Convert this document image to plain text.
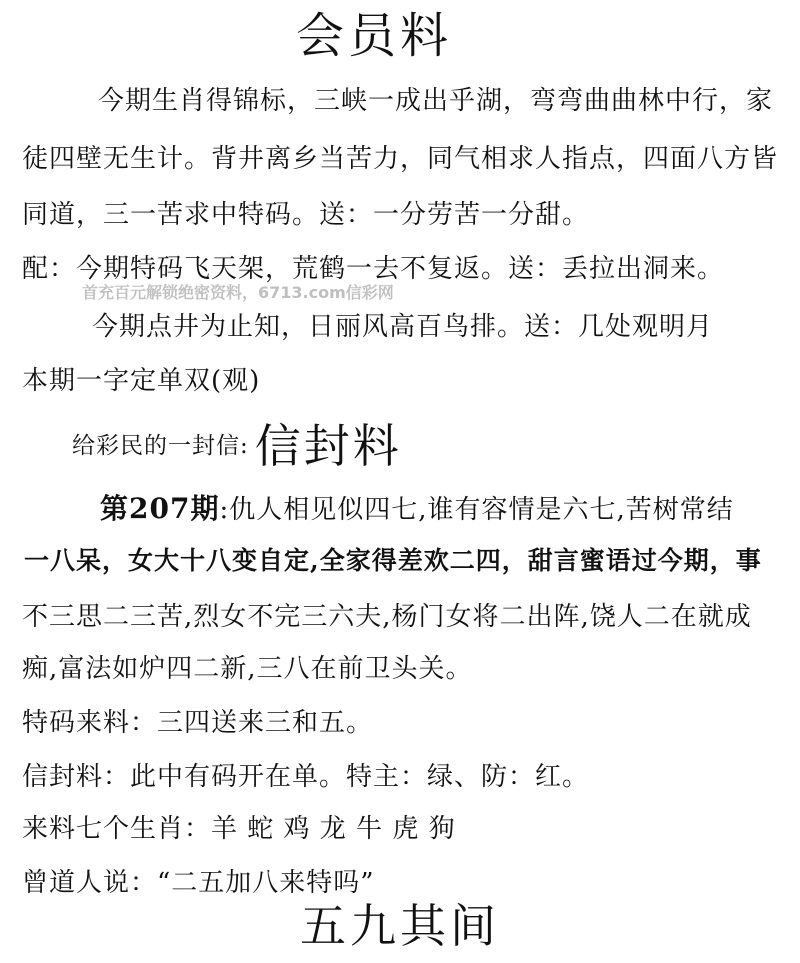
会员料
今期生肖得锦标，三峡一成出乎湖，弯弯曲曲林中行，家
徒四壁无生计。背井离乡当苦力，同气相求人指点，四面八方皆
同道，三一苦求中特码。送：一分劳苦一分甜。
配：今期特码飞天架，荒鹤一去不复返。送：丢拉出洞来。
首充百元解锁绝密资料，6713.com信彩网
今期点井为止知，日丽风高百鸟排。送：几处观明月
本期一字定单双(观)
给彩民的一封信: 信封料
第207期:仇人相见似四七,谁有容情是六七,苦树常结
一八呆，女大十八变自定,全家得差欢二四，甜言蜜语过今期，事
不三思二三苦,烈女不完三六夫,杨门女将二出阵,饶人二在就成
痴,富法如炉四二新,三八在前卫头关。
特码来料：三四送来三和五。
信封料：此中有码开在单。特主：绿、防：红。
来料七个生肖：羊 蛇 鸡 龙 牛 虎 狗
曾道人说：“二五加八来特吗”
五九其间
